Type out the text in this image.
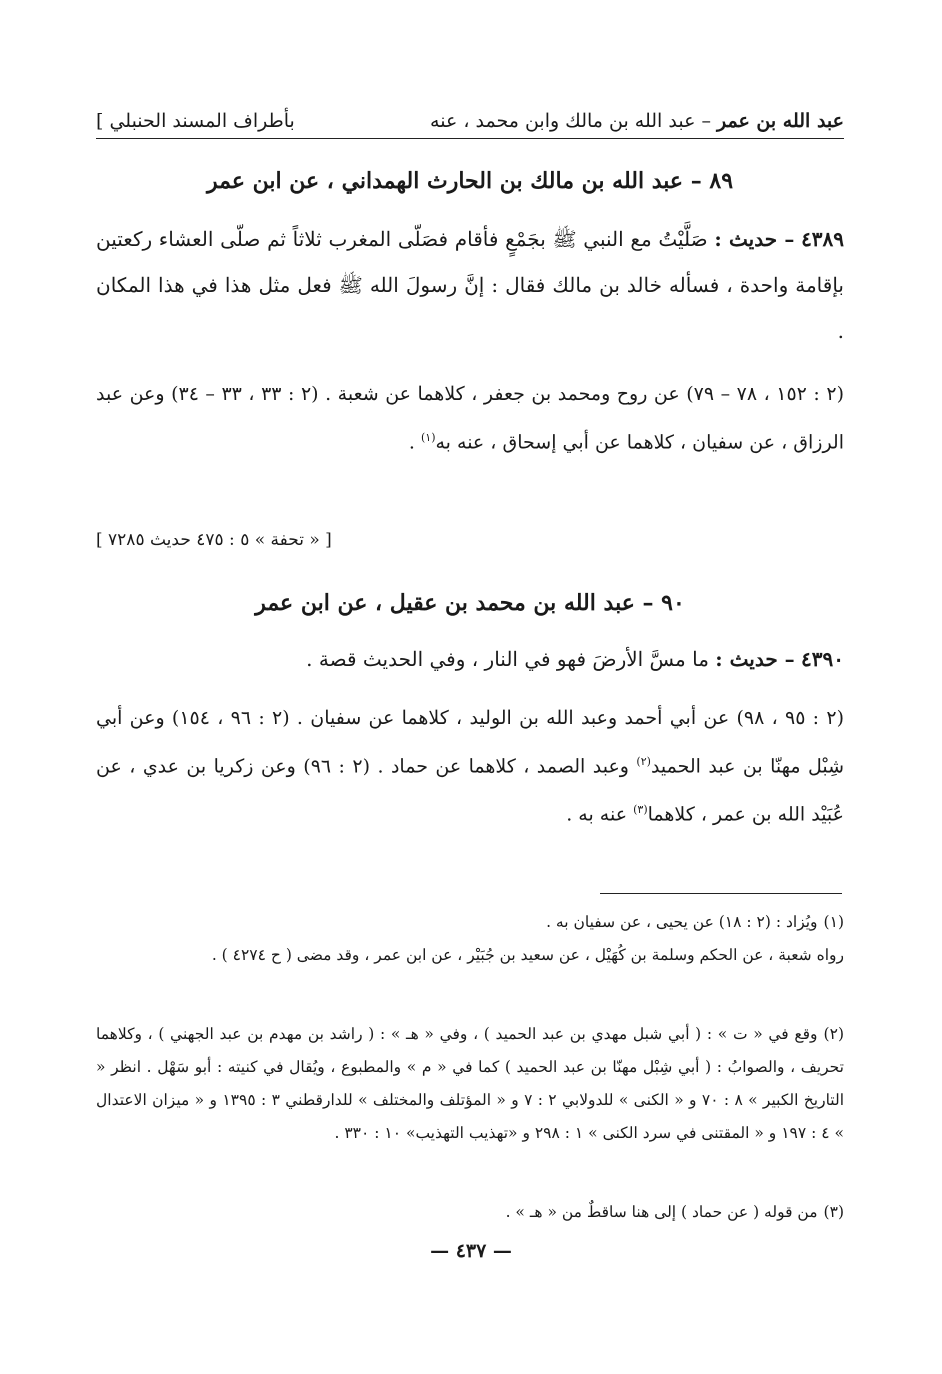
عبد الله بن عمر – عبد الله بن مالك وابن محمد ، عنه
بأطراف المسند الحنبلي ]
٨٩ – عبد الله بن مالك بن الحارث الهمداني ، عن ابن عمر
٤٣٨٩ – حديث : صَلَّيْتُ مع النبي ﷺ بجَمْعٍ فأقام فصَلّى المغرب ثلاثاً ثم صلّى العشاء ركعتين بإقامة واحدة ، فسأله خالد بن مالك فقال : إنَّ رسولَ الله ﷺ فعل مثل هذا في هذا المكان .
(٢ : ١٥٢ ، ٧٨ – ٧٩) عن روح ومحمد بن جعفر ، كلاهما عن شعبة . (٢ : ٣٣ ، ٣٣ – ٣٤) وعن عبد الرزاق ، عن سفيان ، كلاهما عن أبي إسحاق ، عنه به$^{(١)}$ .
[ « تحفة » ٥ : ٤٧٥ حديث ٧٢٨٥ ]
٩٠ – عبد الله بن محمد بن عقيل ، عن ابن عمر
٤٣٩٠ – حديث : ما مسَّ الأرضَ فهو في النار ، وفي الحديث قصة .
(٢ : ٩٥ ، ٩٨) عن أبي أحمد وعبد الله بن الوليد ، كلاهما عن سفيان . (٢ : ٩٦ ، ١٥٤) وعن أبي شِبْل مهنّا بن عبد الحميد$^{(٢)}$ وعبد الصمد ، كلاهما عن حماد . (٢ : ٩٦) وعن زكريا بن عدي ، عن عُبَيْد الله بن عمر ، كلاهما$^{(٣)}$ عنه به .
(١)ويُزاد : (٢ : ١٨) عن يحيى ، عن سفيان به .
رواه شعبة ، عن الحكم وسلمة بن كُهَيْل ، عن سعيد بن جُبَيْر ، عن ابن عمر ، وقد مضى ( ح ٤٢٧٤ ) .
(٢)وقع في « ت » : ( أبي شبل مهدي بن عبد الحميد ) ، وفي « هـ » : ( راشد بن مهدم بن عبد الجهني ) ، وكلاهما تحريف ، والصوابُ : ( أبي شِبْل مهنّا بن عبد الحميد ) كما في « م » والمطبوع ، ويُقال في كنيته : أبو سَهْل . انظر « التاريخ الكبير » ٨ : ٧٠ و « الكنى » للدولابي ٢ : ٧ و « المؤتلف والمختلف » للدارقطني ٣ : ١٣٩٥ و « ميزان الاعتدال » ٤ : ١٩٧ و « المقتنى في سرد الكنى » ١ : ٢٩٨ و «تهذيب التهذيب» ١٠ : ٣٣٠ .
(٣)من قوله ( عن حماد ) إلى هنا ساقطٌ من « هـ » .
— ٤٣٧ —
